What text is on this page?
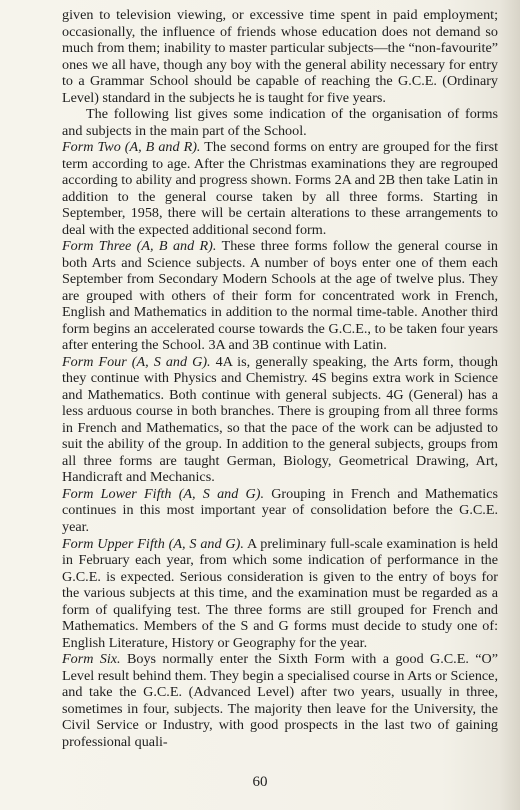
given to television viewing, or excessive time spent in paid employment; occasionally, the influence of friends whose education does not demand so much from them; inability to master particular subjects—the “non-favourite” ones we all have, though any boy with the general ability necessary for entry to a Grammar School should be capable of reaching the G.C.E. (Ordinary Level) standard in the subjects he is taught for five years.

The following list gives some indication of the organisation of forms and subjects in the main part of the School.

Form Two (A, B and R). The second forms on entry are grouped for the first term according to age. After the Christmas examinations they are regrouped according to ability and progress shown. Forms 2A and 2B then take Latin in addition to the general course taken by all three forms. Starting in September, 1958, there will be certain alterations to these arrangements to deal with the expected additional second form.

Form Three (A, B and R). These three forms follow the general course in both Arts and Science subjects. A number of boys enter one of them each September from Secondary Modern Schools at the age of twelve plus. They are grouped with others of their form for concentrated work in French, English and Mathematics in addition to the normal time-table. Another third form begins an accelerated course towards the G.C.E., to be taken four years after entering the School. 3A and 3B continue with Latin.

Form Four (A, S and G). 4A is, generally speaking, the Arts form, though they continue with Physics and Chemistry. 4S begins extra work in Science and Mathematics. Both continue with general subjects. 4G (General) has a less arduous course in both branches. There is grouping from all three forms in French and Mathematics, so that the pace of the work can be adjusted to suit the ability of the group. In addition to the general subjects, groups from all three forms are taught German, Biology, Geometrical Drawing, Art, Handicraft and Mechanics.

Form Lower Fifth (A, S and G). Grouping in French and Mathematics continues in this most important year of consolidation before the G.C.E. year.

Form Upper Fifth (A, S and G). A preliminary full-scale examination is held in February each year, from which some indication of performance in the G.C.E. is expected. Serious consideration is given to the entry of boys for the various subjects at this time, and the examination must be regarded as a form of qualifying test. The three forms are still grouped for French and Mathematics. Members of the S and G forms must decide to study one of: English Literature, History or Geography for the year.

Form Six. Boys normally enter the Sixth Form with a good G.C.E. “O” Level result behind them. They begin a specialised course in Arts or Science, and take the G.C.E. (Advanced Level) after two years, usually in three, sometimes in four, subjects. The majority then leave for the University, the Civil Service or Industry, with good prospects in the last two of gaining professional quali-

60
